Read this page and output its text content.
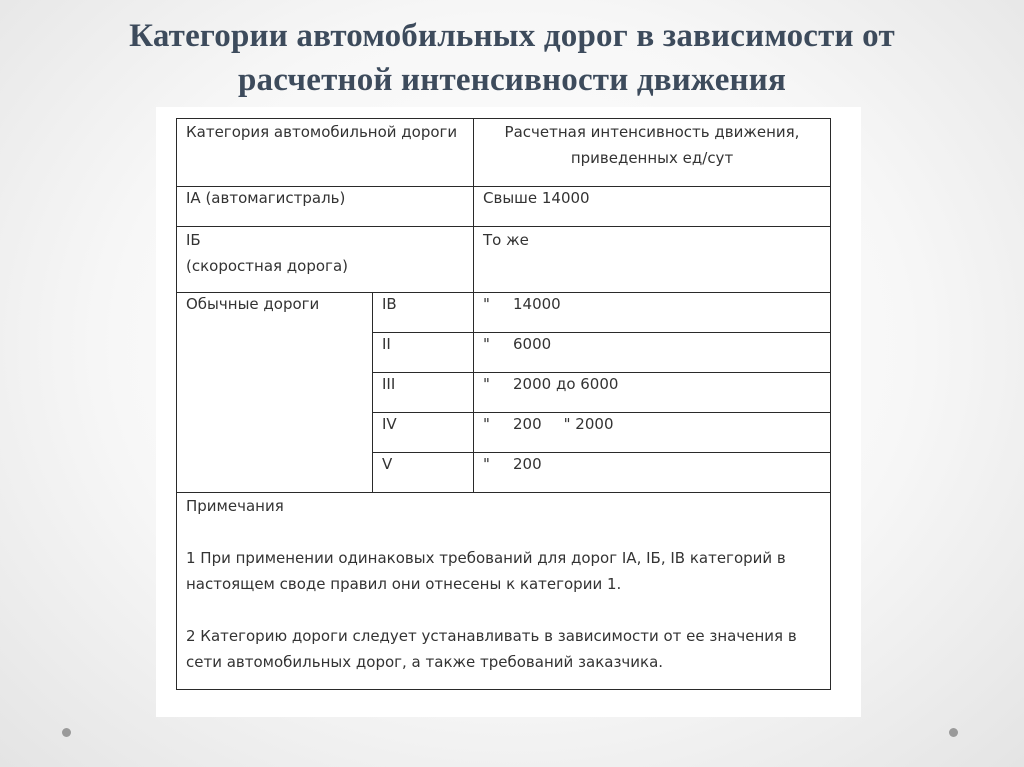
Категории автомобильных дорог в зависимости от
расчетной интенсивности движения
Категория автомобильной дороги		Расчетная интенсивность движения,
приведенных ед/сут
IA (автомагистраль)		Свыше 14000
IБ
(скоростная дорога)		То же
Обычные дороги	IB	" 14000
	II	" 6000
	III	" 2000 до 6000
	IV	" 200 " 2000
	V	" 200

Примечания

1 При применении одинаковых требований для дорог IA, IБ, IB категорий в
настоящем своде правил они отнесены к категории 1.

2 Категорию дороги следует устанавливать в зависимости от ее значения в
сети автомобильных дорог, а также требований заказчика.		
